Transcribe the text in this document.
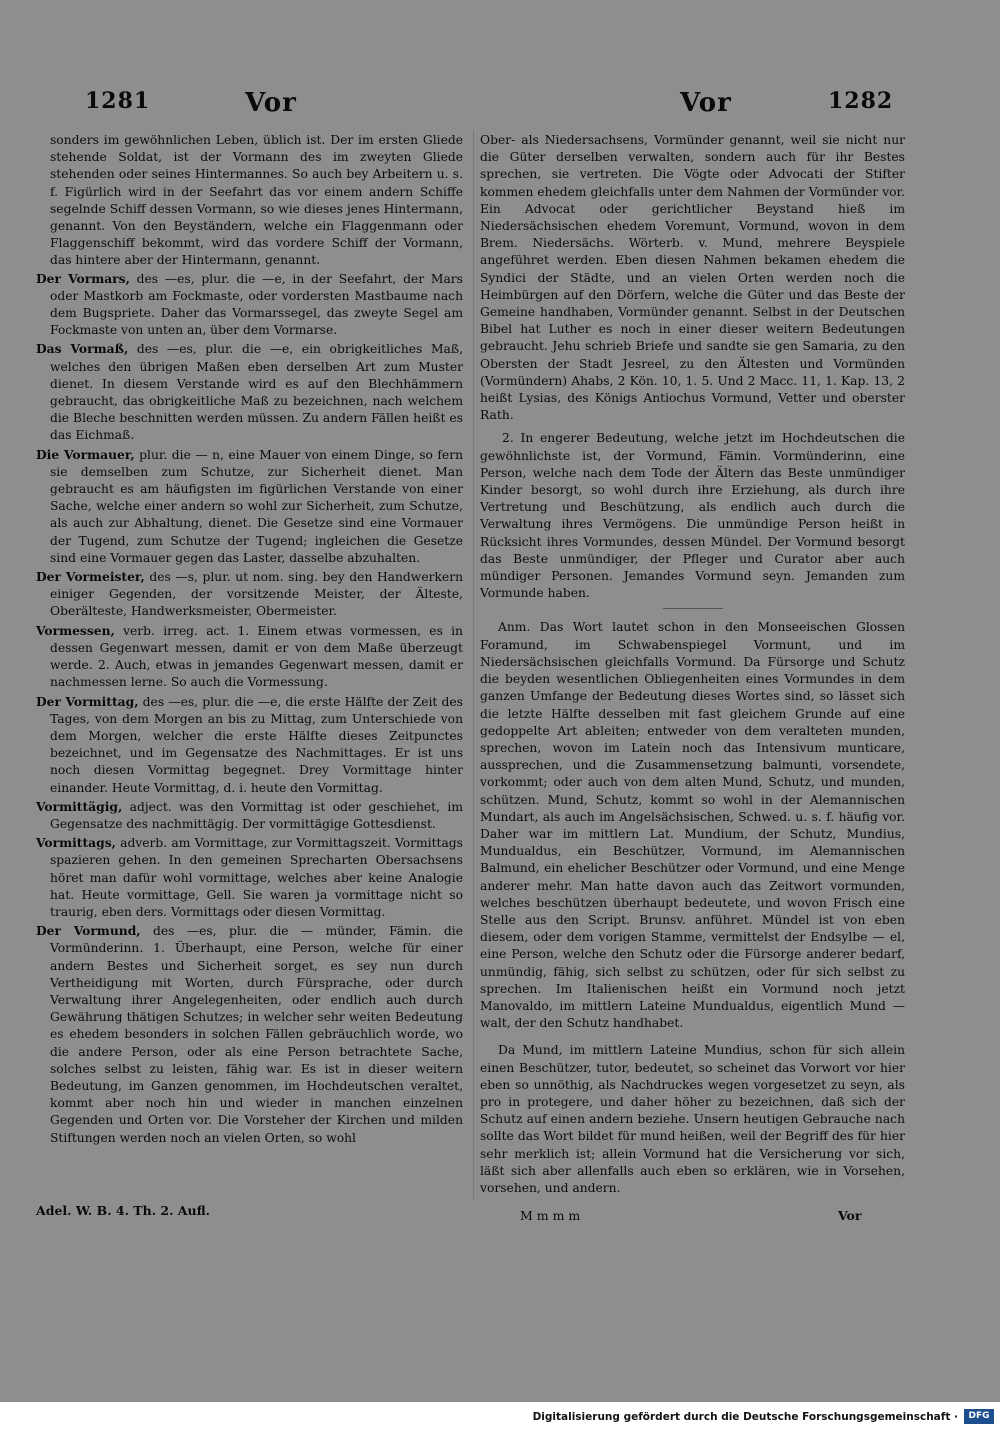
1281	Vor	Vor	1282
sonders im gewöhnlichen Leben, üblich ist. Der im ersten Gliede stehende Soldat, ist der Vormann des im zweyten Gliede stehenden oder seines Hintermannes. So auch bey Arbeitern u. s. f. Figürlich wird in der Seefahrt das vor einem andern Schiffe segelnde Schiff dessen Vormann, so wie dieses jenes Hintermann, genannt. Von den Beyständern, welche ein Flaggenmann oder Flaggenschiff bekommt, wird das vordere Schiff der Vormann, das hintere aber der Hintermann, genannt.
Der Vormars, des —es, plur. die —e, in der Seefahrt, der Mars oder Mastkorb am Fockmaste, oder vordersten Mastbaume nach dem Bugspriete. Daher das Vormarssegel, das zweyte Segel am Fockmaste von unten an, über dem Vormarse.
Das Vormaß, des —es, plur. die —e, ein obrigkeitliches Maß, welches den übrigen Maßen eben derselben Art zum Muster dienet. In diesem Verstande wird es auf den Blechhämmern gebraucht, das obrigkeitliche Maß zu bezeichnen, nach welchem die Bleche beschnitten werden müssen. Zu andern Fällen heißt es das Eichmaß.
Die Vormauer, plur. die — n, eine Mauer von einem Dinge, so fern sie demselben zum Schutze, zur Sicherheit dienet. Man gebraucht es am häufigsten im figürlichen Verstande von einer Sache, welche einer andern so wohl zur Sicherheit, zum Schutze, als auch zur Abhaltung, dienet. Die Gesetze sind eine Vormauer der Tugend, zum Schutze der Tugend; ingleichen die Gesetze sind eine Vormauer gegen das Laster, dasselbe abzuhalten.
Der Vormeister, des —s, plur. ut nom. sing. bey den Handwerkern einiger Gegenden, der vorsitzende Meister, der Älteste, Oberälteste, Handwerksmeister, Obermeister.
Vormessen, verb. irreg. act. 1. Einem etwas vormessen, es in dessen Gegenwart messen, damit er von dem Maße überzeugt werde. 2. Auch, etwas in jemandes Gegenwart messen, damit er nachmessen lerne. So auch die Vormessung.
Der Vormittag, des —es, plur. die —e, die erste Hälfte der Zeit des Tages, von dem Morgen an bis zu Mittag, zum Unterschiede von dem Morgen, welcher die erste Hälfte dieses Zeitpunctes bezeichnet, und im Gegensatze des Nachmittages. Er ist uns noch diesen Vormittag begegnet. Drey Vormittage hinter einander. Heute Vormittag, d. i. heute den Vormittag.
Vormittägig, adject. was den Vormittag ist oder geschiehet, im Gegensatze des nachmittägig. Der vormittägige Gottesdienst.
Vormittags, adverb. am Vormittage, zur Vormittagszeit. Vormittags spazieren gehen. In den gemeinen Sprecharten Obersachsens höret man dafür wohl vormittage, welches aber keine Analogie hat. Heute vormittage, Gell. Sie waren ja vormittage nicht so traurig, eben ders. Vormittags oder diesen Vormittag.
Der Vormund, des —es, plur. die — münder, Fämin. die Vormünderinn. 1. Überhaupt, eine Person, welche für einer andern Bestes und Sicherheit sorget, es sey nun durch Vertheidigung mit Worten, durch Fürsprache, oder durch Verwaltung ihrer Angelegenheiten, oder endlich auch durch Gewährung thätigen Schutzes; in welcher sehr weiten Bedeutung es ehedem besonders in solchen Fällen gebräuchlich worde, wo die andere Person, oder als eine Person betrachtete Sache, solches selbst zu leisten, fähig war. Es ist in dieser weitern Bedeutung, im Ganzen genommen, im Hochdeutschen veraltet, kommt aber noch hin und wieder in manchen einzelnen Gegenden und Orten vor. Die Vorsteher der Kirchen und milden Stiftungen werden noch an vielen Orten, so wohl
Ober- als Niedersachsens, Vormünder genannt, weil sie nicht nur die Güter derselben verwalten, sondern auch für ihr Bestes sprechen, sie vertreten. Die Vögte oder Advocati der Stifter kommen ehedem gleichfalls unter dem Nahmen der Vormünder vor. Ein Advocat oder gerichtlicher Beystand hieß im Niedersächsischen ehedem Voremunt, Vormund, wovon in dem Brem. Niedersächs. Wörterb. v. Mund, mehrere Beyspiele angeführet werden. Eben diesen Nahmen bekamen ehedem die Syndici der Städte, und an vielen Orten werden noch die Heimbürgen auf den Dörfern, welche die Güter und das Beste der Gemeine handhaben, Vormünder genannt. Selbst in der Deutschen Bibel hat Luther es noch in einer dieser weitern Bedeutungen gebraucht. Jehu schrieb Briefe und sandte sie gen Samaria, zu den Obersten der Stadt Jesreel, zu den Ältesten und Vormünden (Vormündern) Ahabs, 2 Kön. 10, 1. 5. Und 2 Macc. 11, 1. Kap. 13, 2 heißt Lysias, des Königs Antiochus Vormund, Vetter und oberster Rath.
2. In engerer Bedeutung, welche jetzt im Hochdeutschen die gewöhnlichste ist, der Vormund, Fämin. Vormünderinn, eine Person, welche nach dem Tode der Ältern das Beste unmündiger Kinder besorgt, so wohl durch ihre Erziehung, als durch ihre Vertretung und Beschützung, als endlich auch durch die Verwaltung ihres Vermögens. Die unmündige Person heißt in Rücksicht ihres Vormundes, dessen Mündel. Der Vormund besorgt das Beste unmündiger, der Pfleger und Curator aber auch mündiger Personen. Jemandes Vormund seyn. Jemanden zum Vormunde haben.
Anm. Das Wort lautet schon in den Monseeischen Glossen Foramund, im Schwabenspiegel Vormunt, und im Niedersächsischen gleichfalls Vormund. Da Fürsorge und Schutz die beyden wesentlichen Obliegenheiten eines Vormundes in dem ganzen Umfange der Bedeutung dieses Wortes sind, so lässet sich die letzte Hälfte desselben mit fast gleichem Grunde auf eine gedoppelte Art ableiten; entweder von dem veralteten munden, sprechen, wovon im Latein noch das Intensivum munticare, aussprechen, und die Zusammensetzung balmunti, vorsendete, vorkommt; oder auch von dem alten Mund, Schutz, und munden, schützen. Mund, Schutz, kommt so wohl in der Alemannischen Mundart, als auch im Angelsächsischen, Schwed. u. s. f. häufig vor. Daher war im mittlern Lat. Mundium, der Schutz, Mundius, Mundualdus, ein Beschützer, Vormund, im Alemannischen Balmund, ein ehelicher Beschützer oder Vormund, und eine Menge anderer mehr. Man hatte davon auch das Zeitwort vormunden, welches beschützen überhaupt bedeutete, und wovon Frisch eine Stelle aus den Script. Brunsv. anführet. Mündel ist von eben diesem, oder dem vorigen Stamme, vermittelst der Endsylbe — el, eine Person, welche den Schutz oder die Fürsorge anderer bedarf, unmündig, fähig, sich selbst zu schützen, oder für sich selbst zu sprechen. Im Italienischen heißt ein Vormund noch jetzt Manovaldo, im mittlern Lateine Mundualdus, eigentlich Mund — walt, der den Schutz handhabet.
Da Mund, im mittlern Lateine Mundius, schon für sich allein einen Beschützer, tutor, bedeutet, so scheinet das Vorwort vor hier eben so unnöthig, als Nachdruckes wegen vorgesetzet zu seyn, als pro in protegere, und daher höher zu bezeichnen, daß sich der Schutz auf einen andern beziehe. Unsern heutigen Gebrauche nach sollte das Wort bildet für mund heißen, weil der Begriff des für hier sehr merklich ist; allein Vormund hat die Versicherung vor sich, läßt sich aber allenfalls auch eben so erklären, wie in Vorsehen, vorsehen, und andern.
Adel. W. B. 4. Th. 2. Aufl.	M m m m	Vor
Digitalisierung gefördert durch die Deutsche Forschungsgemeinschaft ·	DFG
